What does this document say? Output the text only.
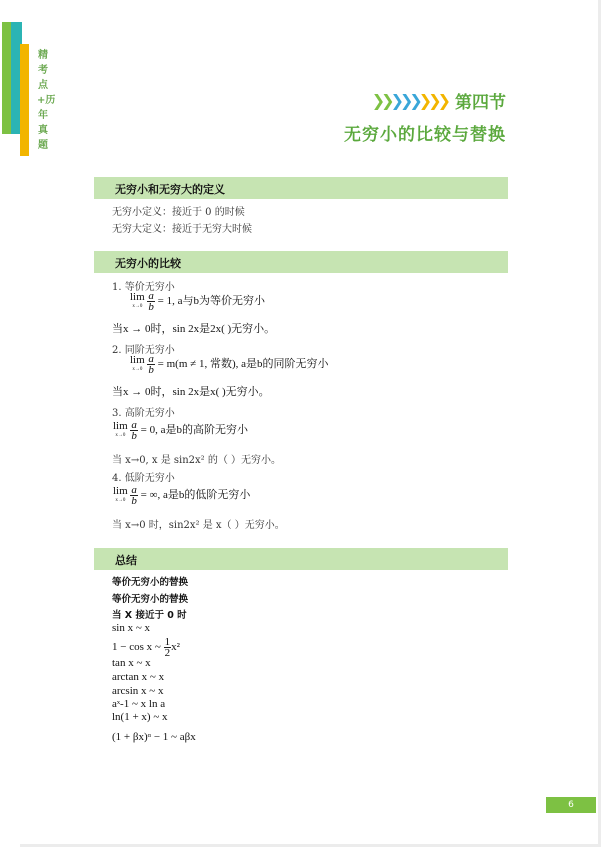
精考点+历年真题
❯❯❯❯❯❯❯❯ 第四节
无穷小的比较与替换
无穷小和无穷大的定义
无穷小定义：接近于 0 的时候
无穷大定义：接近于无穷大时候
无穷小的比较
1. 等价无穷小
lim
x→0
$\frac{a}{b} = 1$, a与b为等价无穷小
当x → 0时，sin 2x是2x( )无穷小。
2. 同阶无穷小
lim
x→0
$\frac{a}{b} = m(m \ne 1$, 常数), a是b的同阶无穷小
当x → 0时，sin 2x是x( )无穷小。
3. 高阶无穷小
lim
x→0
$\frac{a}{b} = 0$, a是b的高阶无穷小
当 x→0, x 是 sin2x² 的（ ）无穷小。
4. 低阶无穷小
lim
x→0
$\frac{a}{b}$ = ∞, a是b的低阶无穷小
当 x→0 时，sin2x² 是 x（ ）无穷小。
总结
等价无穷小的替换
等价无穷小的替换
当 X 接近于 0 时
sin x ~ x
1 − cos x ~ $\frac{1}{2} x^2$
tan x ~ x
arctan x ~ x
arcsin x ~ x
aˣ-1 ~ x ln a
ln(1 + x) ~ x
(1 + βx)ᵅ − 1 ~ aβx
6
